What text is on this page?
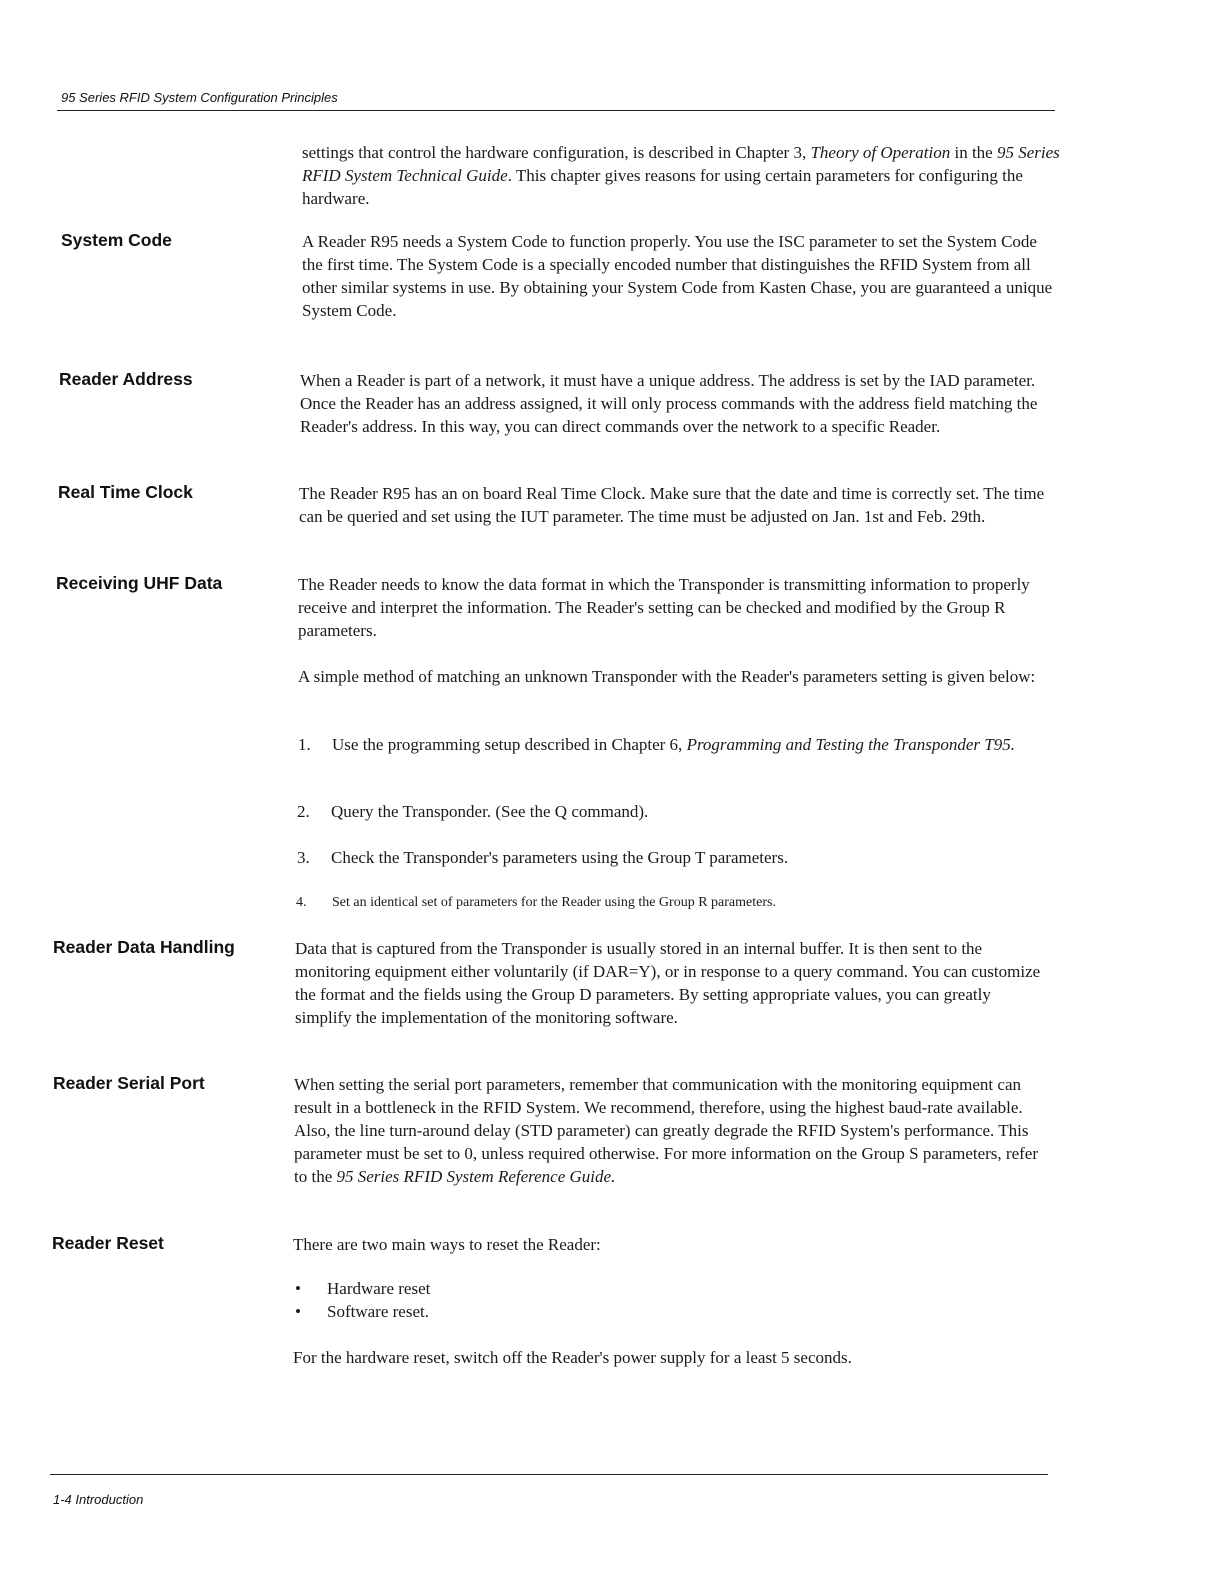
95 Series RFID System Configuration Principles

settings that control the hardware configuration, is described in Chapter 3, Theory of Operation in the 95 Series RFID System Technical Guide. This chapter gives reasons for using certain parameters for configuring the hardware.

System Code	A Reader R95 needs a System Code to function properly. You use the ISC parameter to set the System Code the first time. The System Code is a specially encoded number that distinguishes the RFID System from all other similar systems in use. By obtaining your System Code from Kasten Chase, you are guaranteed a unique System Code.

Reader Address	When a Reader is part of a network, it must have a unique address. The address is set by the IAD parameter. Once the Reader has an address assigned, it will only process commands with the address field matching the Reader's address. In this way, you can direct commands over the network to a specific Reader.

Real Time Clock	The Reader R95 has an on board Real Time Clock. Make sure that the date and time is correctly set. The time can be queried and set using the IUT parameter. The time must be adjusted on Jan. 1st and Feb. 29th.

Receiving UHF Data	The Reader needs to know the data format in which the Transponder is transmitting information to properly receive and interpret the information. The Reader's setting can be checked and modified by the Group R parameters.

A simple method of matching an unknown Transponder with the Reader's parameters setting is given below:

1. Use the programming setup described in Chapter 6, Programming and Testing the Transponder T95.
2. Query the Transponder. (See the Q command).
3. Check the Transponder's parameters using the Group T parameters.
4. Set an identical set of parameters for the Reader using the Group R parameters.
Reader Data Handling	Data that is captured from the Transponder is usually stored in an internal buffer. It is then sent to the monitoring equipment either voluntarily (if DAR=Y), or in response to a query command. You can customize the format and the fields using the Group D parameters. By setting appropriate values, you can greatly simplify the implementation of the monitoring software.

Reader Serial Port	When setting the serial port parameters, remember that communication with the monitoring equipment can result in a bottleneck in the RFID System. We recommend, therefore, using the highest baud-rate available. Also, the line turn-around delay (STD parameter) can greatly degrade the RFID System's performance. This parameter must be set to 0, unless required otherwise. For more information on the Group S parameters, refer to the 95 Series RFID System Reference Guide.

Reader Reset	There are two main ways to reset the Reader:

• Hardware reset
• Software reset.

For the hardware reset, switch off the Reader's power supply for a least 5 seconds.

1-4 Introduction
